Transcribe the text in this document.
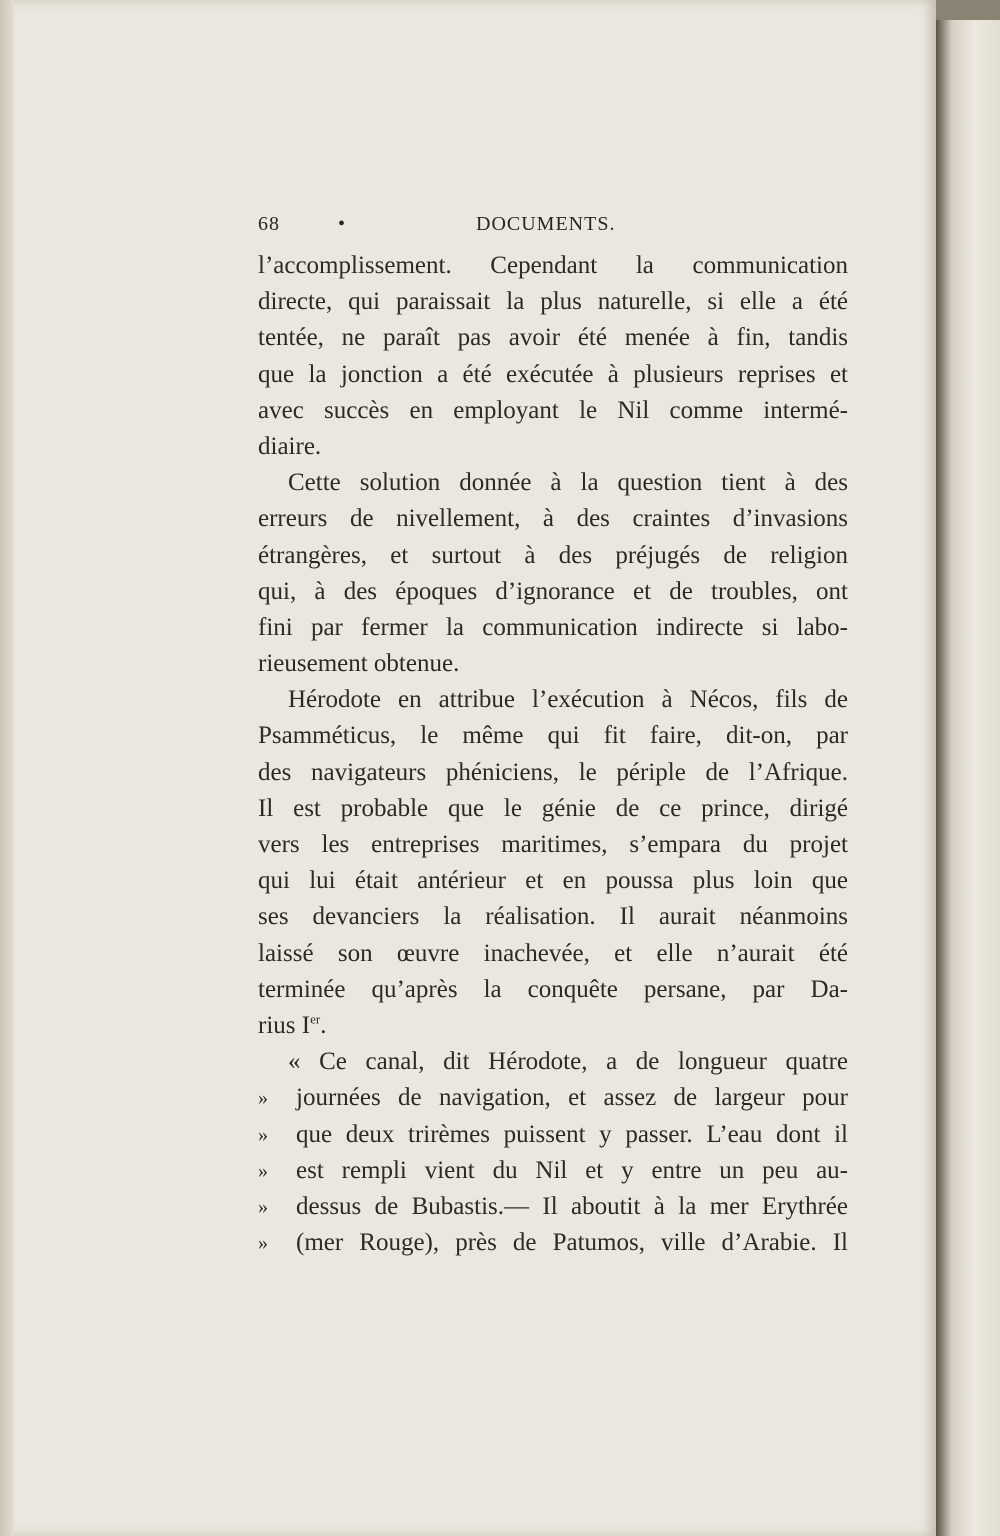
68	•	DOCUMENTS.
l’accomplissement. Cependant la communication
directe, qui paraissait la plus naturelle, si elle a été
tentée, ne paraît pas avoir été menée à fin, tandis
que la jonction a été exécutée à plusieurs reprises et
avec succès en employant le Nil comme intermé-
diaire.
Cette solution donnée à la question tient à des
erreurs de nivellement, à des craintes d’invasions
étrangères, et surtout à des préjugés de religion
qui, à des époques d’ignorance et de troubles, ont
fini par fermer la communication indirecte si labo-
rieusement obtenue.
Hérodote en attribue l’exécution à Nécos, fils de
Psamméticus, le même qui fit faire, dit-on, par
des navigateurs phéniciens, le périple de l’Afrique.
Il est probable que le génie de ce prince, dirigé
vers les entreprises maritimes, s’empara du projet
qui lui était antérieur et en poussa plus loin que
ses devanciers la réalisation. Il aurait néanmoins
laissé son œuvre inachevée, et elle n’aurait été
terminée qu’après la conquête persane, par Da-
rius Ier.
« Ce canal, dit Hérodote, a de longueur quatre
» journées de navigation, et assez de largeur pour
» que deux trirèmes puissent y passer. L’eau dont il
» est rempli vient du Nil et y entre un peu au-
» dessus de Bubastis.— Il aboutit à la mer Erythrée
» (mer Rouge), près de Patumos, ville d’Arabie. Il
